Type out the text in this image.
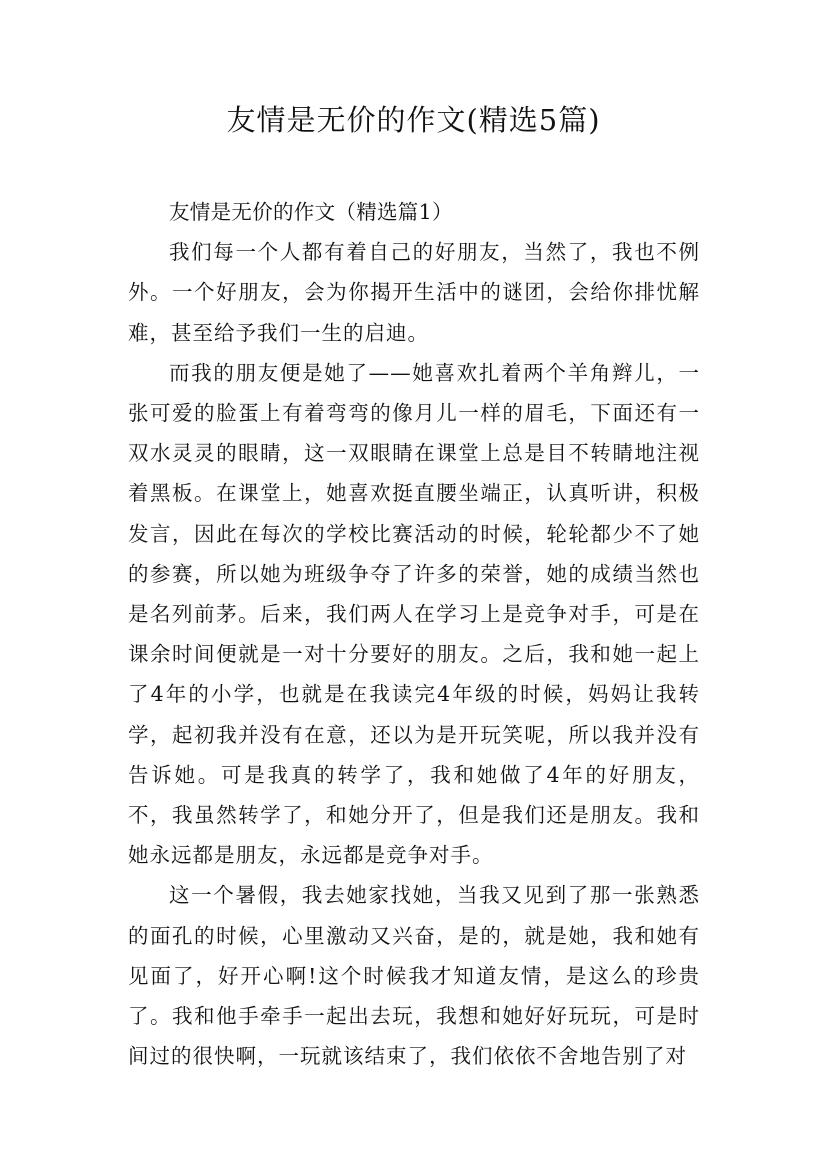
友情是无价的作文(精选5篇)

友情是无价的作文（精选篇1）

我们每一个人都有着自己的好朋友，当然了，我也不例外。一个好朋友，会为你揭开生活中的谜团，会给你排忧解难，甚至给予我们一生的启迪。

而我的朋友便是她了——她喜欢扎着两个羊角辫儿，一张可爱的脸蛋上有着弯弯的像月儿一样的眉毛，下面还有一双水灵灵的眼睛，这一双眼睛在课堂上总是目不转睛地注视着黑板。在课堂上，她喜欢挺直腰坐端正，认真听讲，积极发言，因此在每次的学校比赛活动的时候，轮轮都少不了她的参赛，所以她为班级争夺了许多的荣誉，她的成绩当然也是名列前茅。后来，我们两人在学习上是竞争对手，可是在课余时间便就是一对十分要好的朋友。之后，我和她一起上了4年的小学，也就是在我读完4年级的时候，妈妈让我转学，起初我并没有在意，还以为是开玩笑呢，所以我并没有告诉她。可是我真的转学了，我和她做了4年的好朋友，不，我虽然转学了，和她分开了，但是我们还是朋友。我和她永远都是朋友，永远都是竞争对手。

这一个暑假，我去她家找她，当我又见到了那一张熟悉的面孔的时候，心里激动又兴奋，是的，就是她，我和她有见面了，好开心啊!这个时候我才知道友情，是这么的珍贵了。我和他手牵手一起出去玩，我想和她好好玩玩，可是时间过的很快啊，一玩就该结束了，我们依依不舍地告别了对
